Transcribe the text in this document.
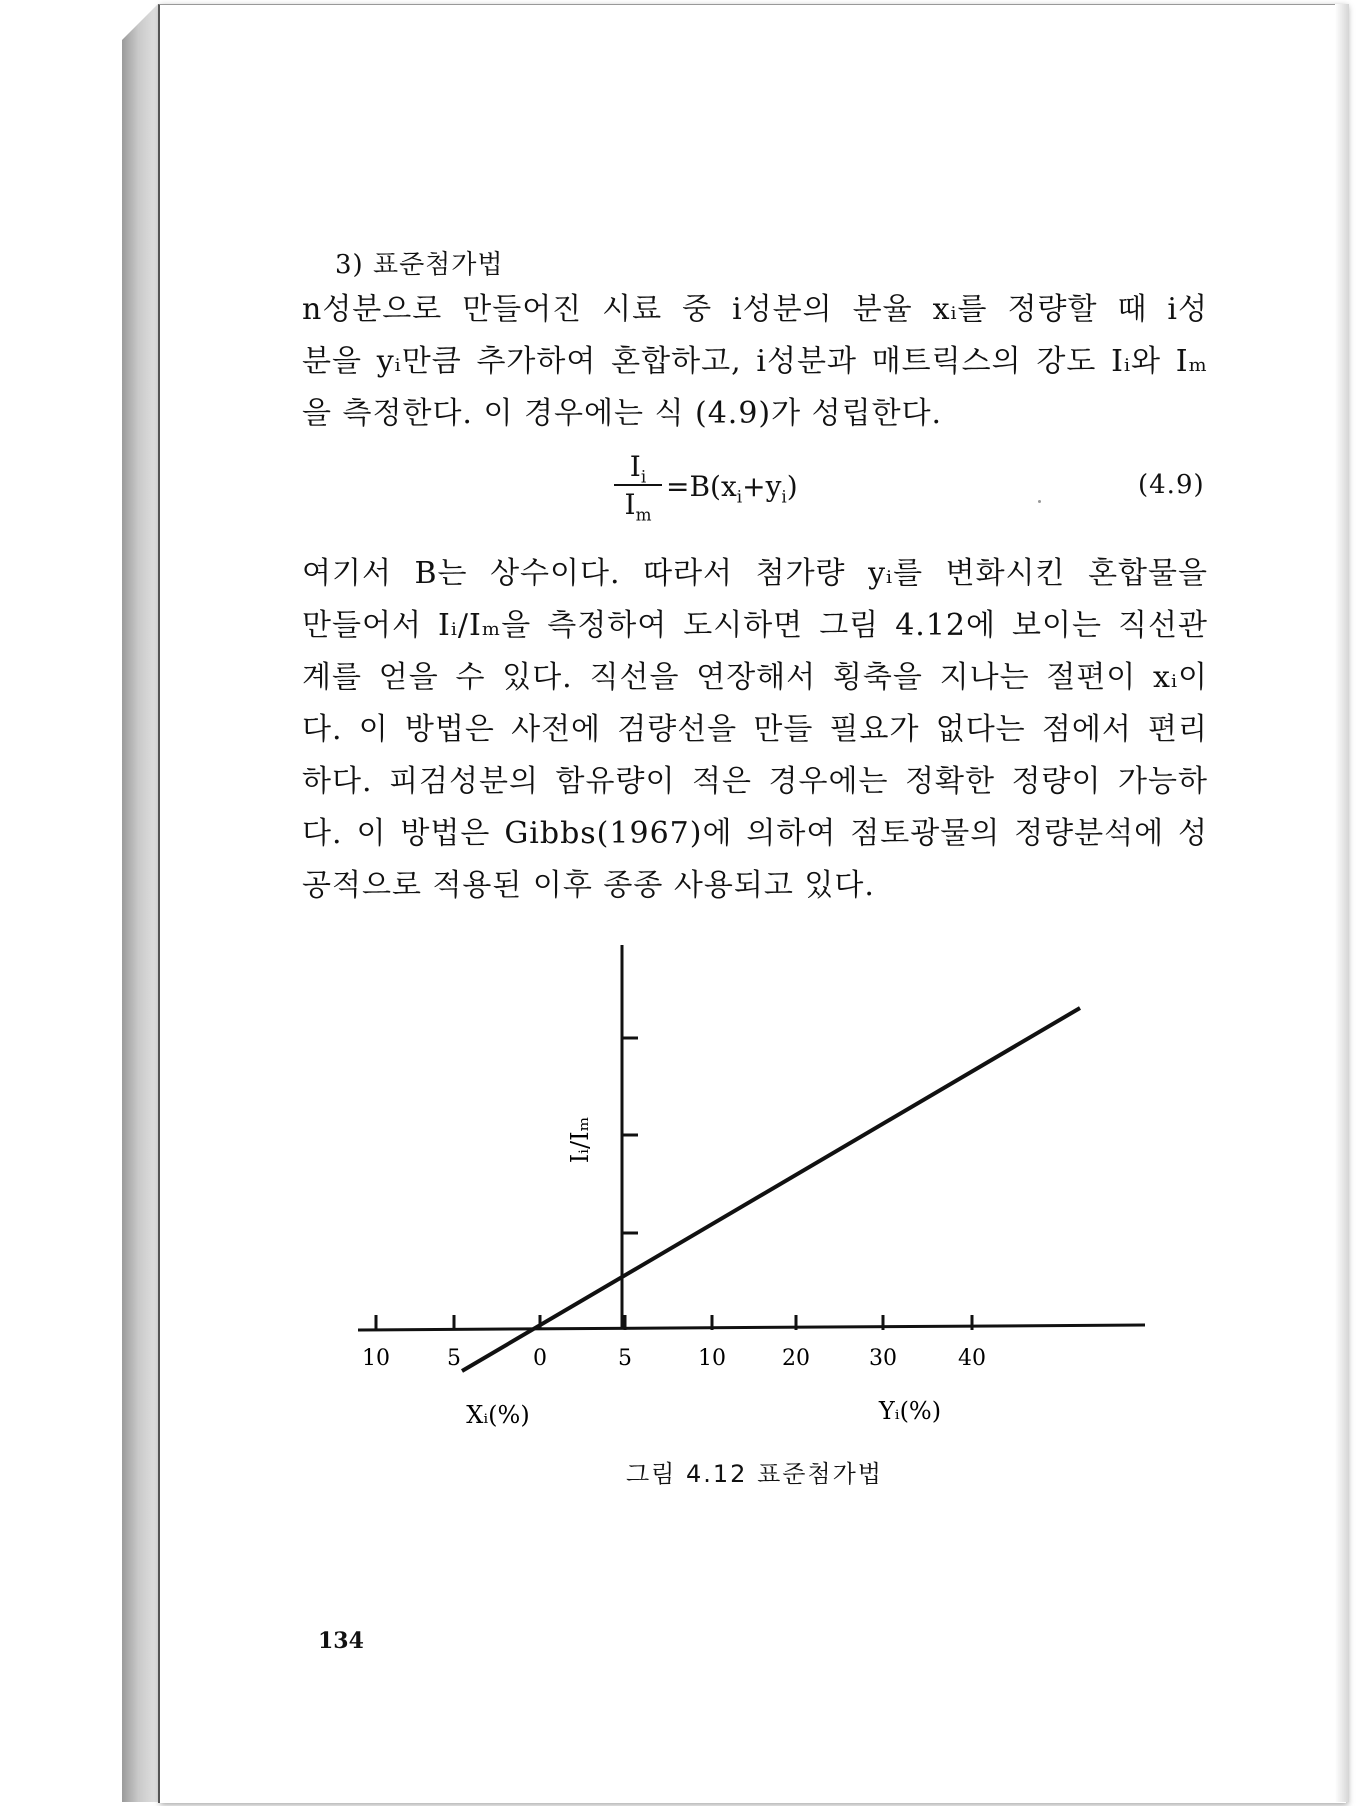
3) 표준첨가법
n성분으로 만들어진 시료 중 i성분의 분율 xᵢ를 정량할 때 i성
분을 yᵢ만큼 추가하여 혼합하고, i성분과 매트릭스의 강도 Iᵢ와 Iₘ
을 측정한다. 이 경우에는 식 (4.9)가 성립한다.
$\frac{I_i}{I_m} =B(x_i+y_i)$	(4.9)
여기서 B는 상수이다. 따라서 첨가량 yᵢ를 변화시킨 혼합물을
만들어서 Iᵢ/Iₘ을 측정하여 도시하면 그림 4.12에 보이는 직선관
계를 얻을 수 있다. 직선을 연장해서 횡축을 지나는 절편이 xᵢ이
다. 이 방법은 사전에 검량선을 만들 필요가 없다는 점에서 편리
하다. 피검성분의 함유량이 적은 경우에는 정확한 정량이 가능하
다. 이 방법은 Gibbs(1967)에 의하여 점토광물의 정량분석에 성
공적으로 적용된 이후 종종 사용되고 있다.
10	5	0	5	10	20	30	40
Iᵢ/Iₘ
Xᵢ(%)	Yᵢ(%)
그림 4.12 표준첨가법
134
